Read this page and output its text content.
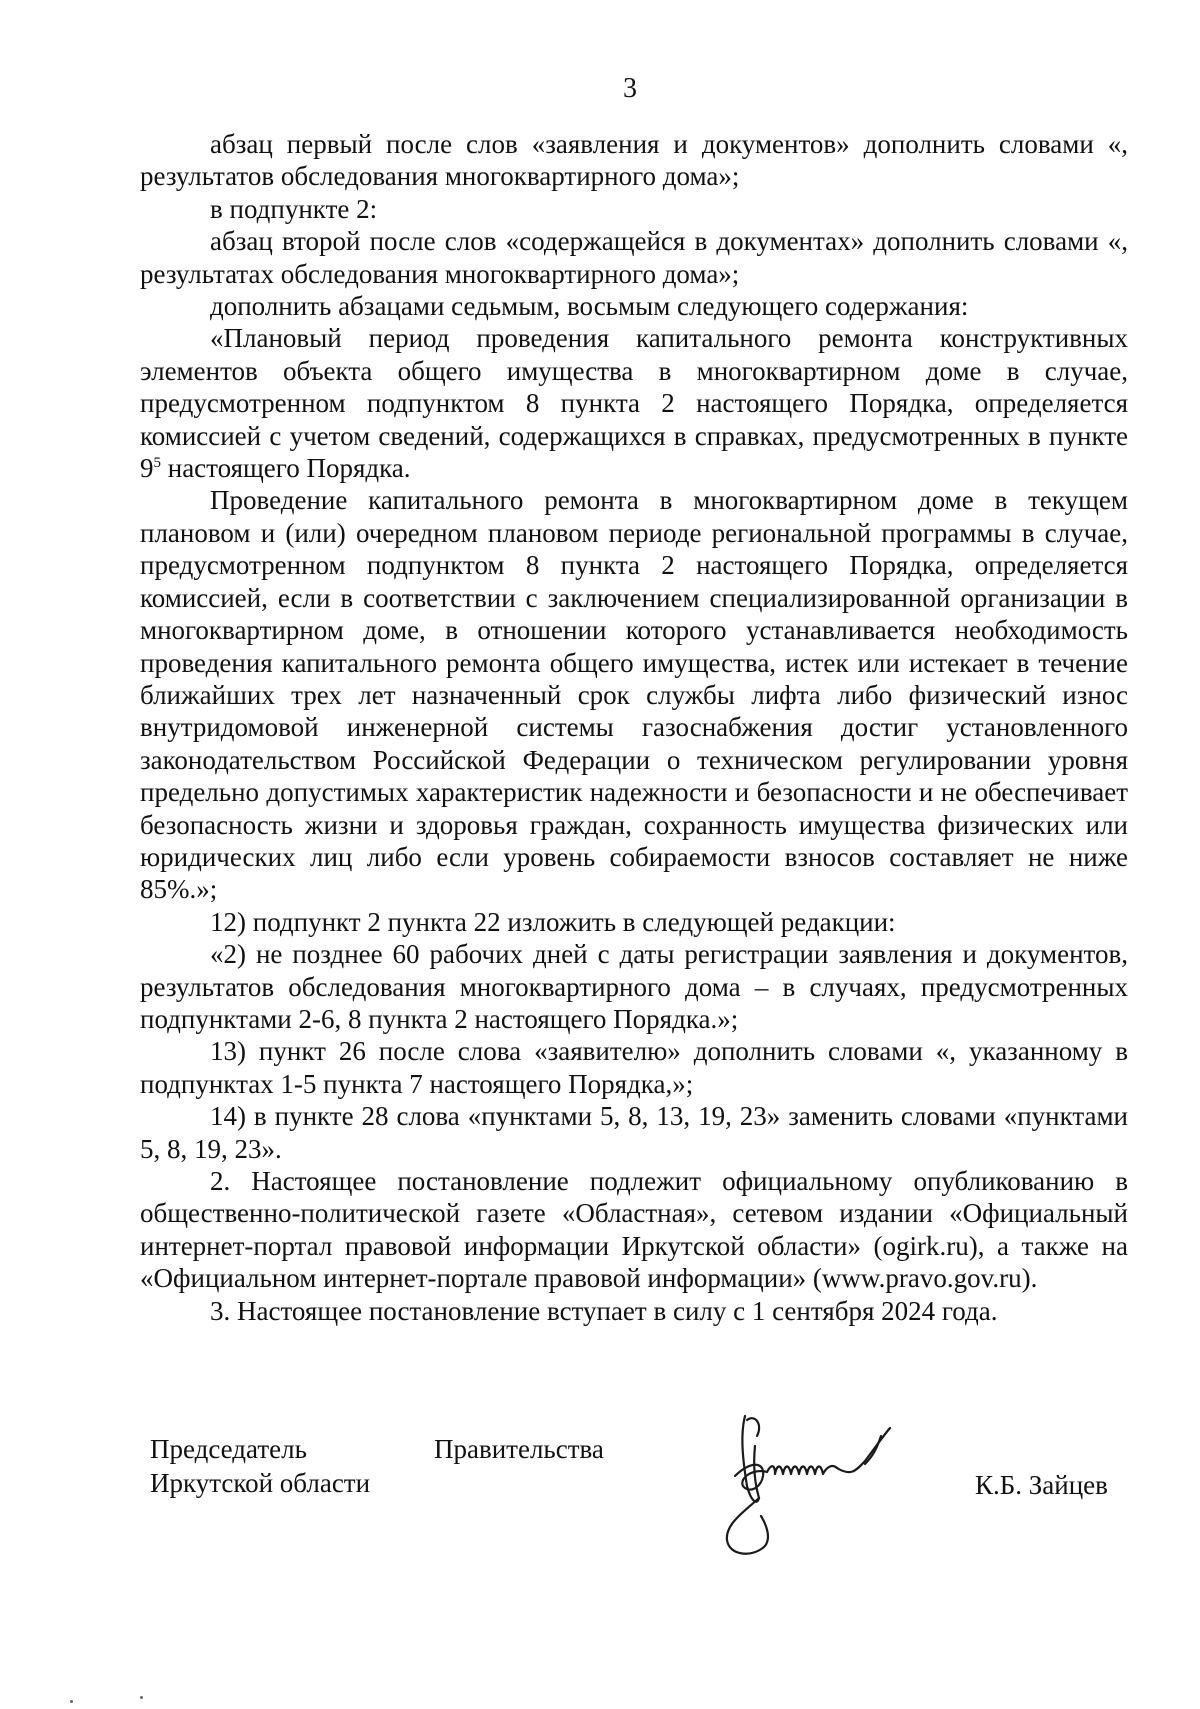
3

абзац первый после слов «заявления и документов» дополнить словами «, результатов обследования многоквартирного дома»;

в подпункте 2:

абзац второй после слов «содержащейся в документах» дополнить словами «, результатах обследования многоквартирного дома»;

дополнить абзацами седьмым, восьмым следующего содержания:

«Плановый период проведения капитального ремонта конструктивных элементов объекта общего имущества в многоквартирном доме в случае, предусмотренном подпунктом 8 пункта 2 настоящего Порядка, определяется комиссией с учетом сведений, содержащихся в справках, предусмотренных в пункте $9^5$ настоящего Порядка.

Проведение капитального ремонта в многоквартирном доме в текущем плановом и (или) очередном плановом периоде региональной программы в случае, предусмотренном подпунктом 8 пункта 2 настоящего Порядка, определяется комиссией, если в соответствии с заключением специализированной организации в многоквартирном доме, в отношении которого устанавливается необходимость проведения капитального ремонта общего имущества, истек или истекает в течение ближайших трех лет назначенный срок службы лифта либо физический износ внутридомовой инженерной системы газоснабжения достиг установленного законодательством Российской Федерации о техническом регулировании уровня предельно допустимых характеристик надежности и безопасности и не обеспечивает безопасность жизни и здоровья граждан, сохранность имущества физических или юридических лиц либо если уровень собираемости взносов составляет не ниже 85%.»;

12) подпункт 2 пункта 22 изложить в следующей редакции:

«2) не позднее 60 рабочих дней с даты регистрации заявления и документов, результатов обследования многоквартирного дома – в случаях, предусмотренных подпунктами 2-6, 8 пункта 2 настоящего Порядка.»;

13) пункт 26 после слова «заявителю» дополнить словами «, указанному в подпунктах 1-5 пункта 7 настоящего Порядка,»;

14) в пункте 28 слова «пунктами 5, 8, 13, 19, 23» заменить словами «пунктами 5, 8, 19, 23».

2. Настоящее постановление подлежит официальному опубликованию в общественно-политической газете «Областная», сетевом издании «Официальный интернет-портал правовой информации Иркутской области» (ogirk.ru), а также на «Официальном интернет-портале правовой информации» (www.pravo.gov.ru).

3. Настоящее постановление вступает в силу с 1 сентября 2024 года.

Председатель
Иркутской области
Правительства
К.Б. Зайцев
